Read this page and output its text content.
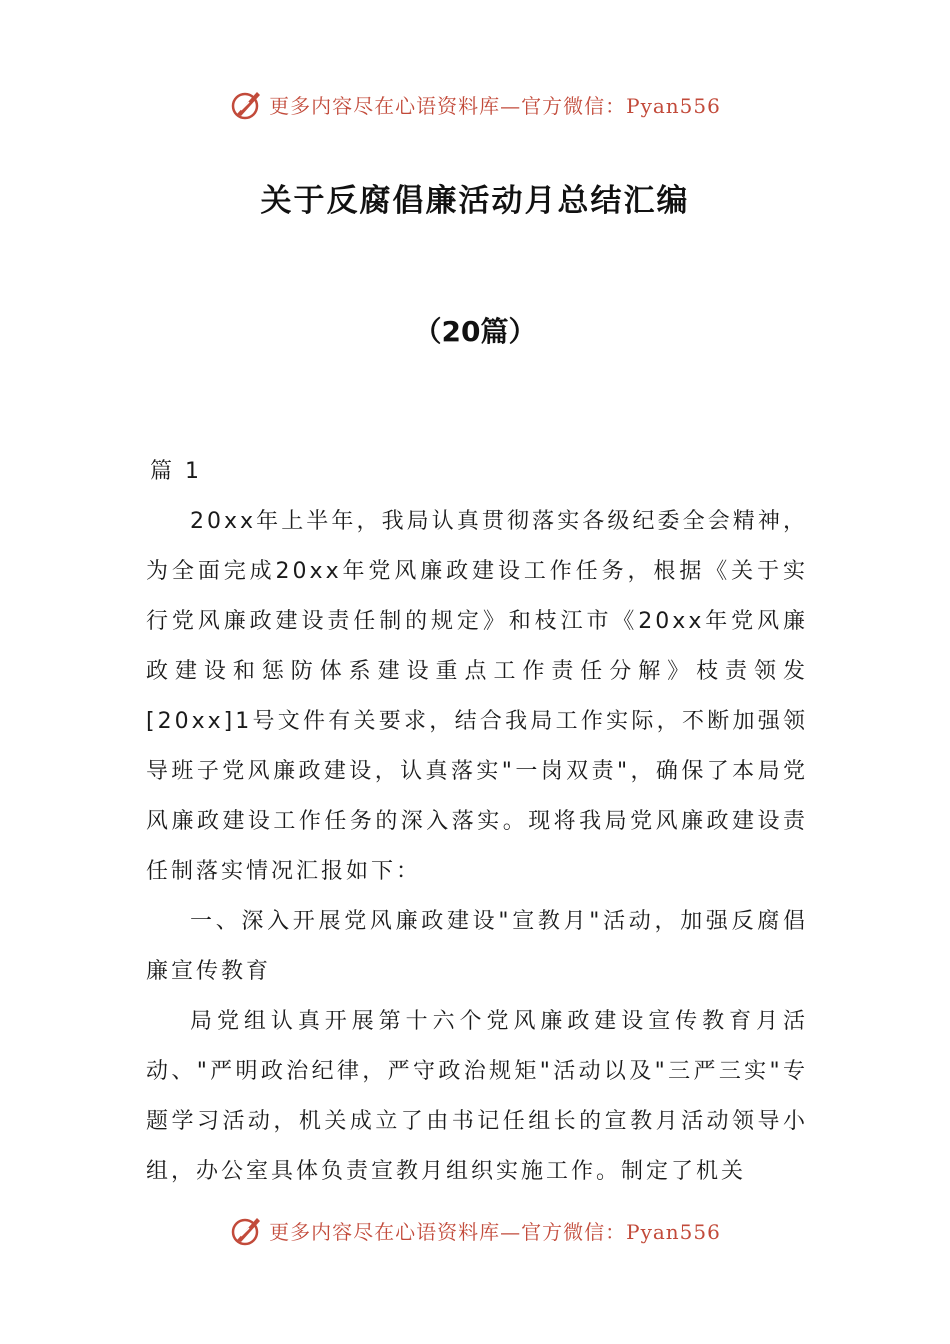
更多内容尽在心语资料库—官方微信：Pyan556
关于反腐倡廉活动月总结汇编
（20篇）

篇 1

20xx年上半年，我局认真贯彻落实各级纪委全会精神，为全面完成20xx年党风廉政建设工作任务，根据《关于实行党风廉政建设责任制的规定》和枝江市《20xx年党风廉政建设和惩防体系建设重点工作责任分解》枝责领发[20xx]1号文件有关要求，结合我局工作实际，不断加强领导班子党风廉政建设，认真落实"一岗双责"，确保了本局党风廉政建设工作任务的深入落实。现将我局党风廉政建设责任制落实情况汇报如下：

一、深入开展党风廉政建设"宣教月"活动，加强反腐倡廉宣传教育

局党组认真开展第十六个党风廉政建设宣传教育月活动、"严明政治纪律，严守政治规矩"活动以及"三严三实"专题学习活动，机关成立了由书记任组长的宣教月活动领导小组，办公室具体负责宣教月组织实施工作。制定了机关

更多内容尽在心语资料库—官方微信：Pyan556
